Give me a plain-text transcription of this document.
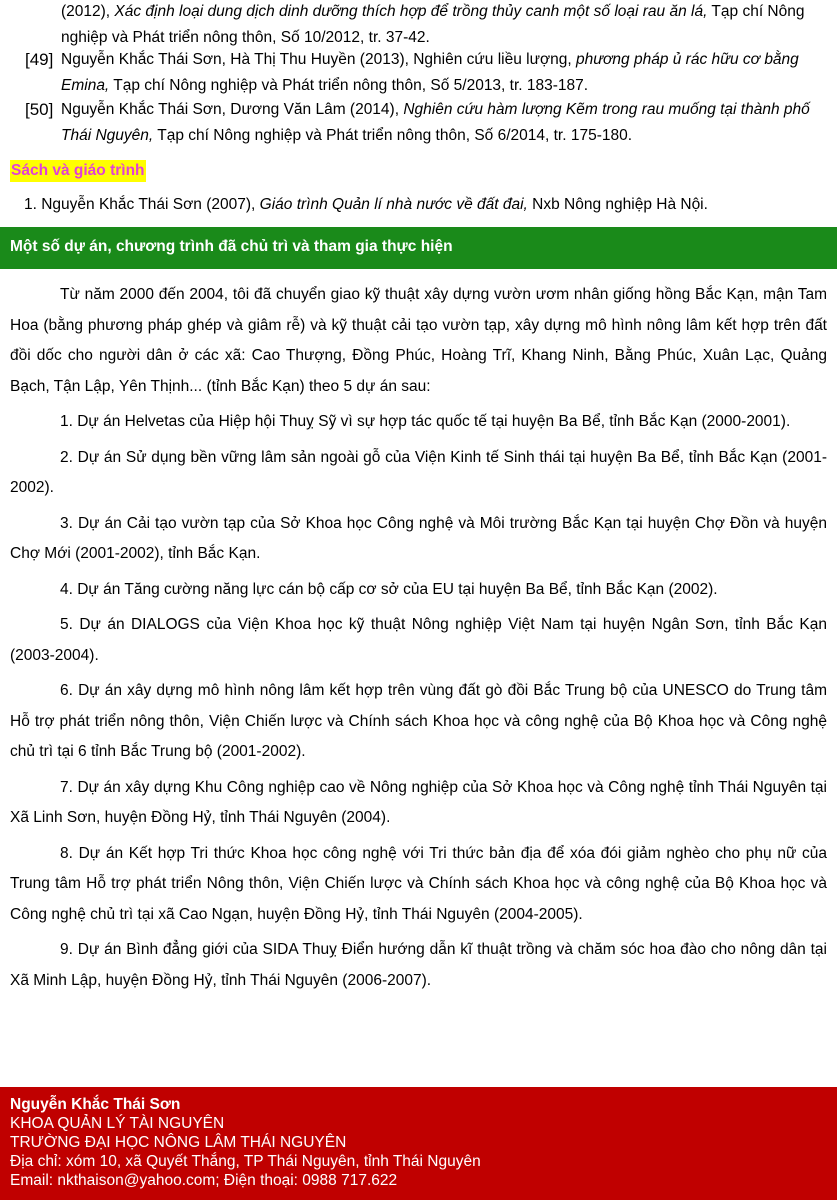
(2012), Xác định loại dung dịch dinh dưỡng thích hợp để trồng thủy canh một số loại rau ăn lá, Tạp chí Nông nghiệp và Phát triển nông thôn, Số 10/2012, tr. 37-42.
[49] Nguyễn Khắc Thái Sơn, Hà Thị Thu Huyền (2013), Nghiên cứu liều lượng, phương pháp ủ rác hữu cơ bằng Emina, Tạp chí Nông nghiệp và Phát triển nông thôn, Số 5/2013, tr. 183-187.
[50] Nguyễn Khắc Thái Sơn, Dương Văn Lâm (2014), Nghiên cứu hàm lượng Kẽm trong rau muống tại thành phố Thái Nguyên, Tạp chí Nông nghiệp và Phát triển nông thôn, Số 6/2014, tr. 175-180.
Sách và giáo trình
1. Nguyễn Khắc Thái Sơn (2007), Giáo trình Quản lí nhà nước về đất đai, Nxb Nông nghiệp Hà Nội.
Một số dự án, chương trình đã chủ trì và tham gia thực hiện

Từ năm 2000 đến 2004, tôi đã chuyển giao kỹ thuật xây dựng vườn ươm nhân giống hồng Bắc Kạn, mận Tam Hoa (bằng phương pháp ghép và giâm rễ) và kỹ thuật cải tạo vườn tạp, xây dựng mô hình nông lâm kết hợp trên đất đồi dốc cho người dân ở các xã: Cao Thượng, Đồng Phúc, Hoàng Trĩ, Khang Ninh, Bằng Phúc, Xuân Lạc, Quảng Bạch, Tận Lập, Yên Thịnh... (tỉnh Bắc Kạn) theo 5 dự án sau:

1. Dự án Helvetas của Hiệp hội Thuỵ Sỹ vì sự hợp tác quốc tế tại huyện Ba Bể, tỉnh Bắc Kạn (2000-2001).

2. Dự án Sử dụng bền vững lâm sản ngoài gỗ của Viện Kinh tế Sinh thái tại huyện Ba Bể, tỉnh Bắc Kạn (2001-2002).

3. Dự án Cải tạo vườn tạp của Sở Khoa học Công nghệ và Môi trường Bắc Kạn tại huyện Chợ Đồn và huyện Chợ Mới (2001-2002), tỉnh Bắc Kạn.

4. Dự án Tăng cường năng lực cán bộ cấp cơ sở của EU tại huyện Ba Bể, tỉnh Bắc Kạn (2002).

5. Dự án DIALOGS của Viện Khoa học kỹ thuật Nông nghiệp Việt Nam tại huyện Ngân Sơn, tỉnh Bắc Kạn (2003-2004).

6. Dự án xây dựng mô hình nông lâm kết hợp trên vùng đất gò đồi Bắc Trung bộ của UNESCO do Trung tâm Hỗ trợ phát triển nông thôn, Viện Chiến lược và Chính sách Khoa học và công nghệ của Bộ Khoa học và Công nghệ chủ trì tại 6 tỉnh Bắc Trung bộ (2001-2002).

7. Dự án xây dựng Khu Công nghiệp cao về Nông nghiệp của Sở Khoa học và Công nghệ tỉnh Thái Nguyên tại Xã Linh Sơn, huyện Đồng Hỷ, tỉnh Thái Nguyên (2004).

8. Dự án Kết hợp Tri thức Khoa học công nghệ với Tri thức bản địa để xóa đói giảm nghèo cho phụ nữ của Trung tâm Hỗ trợ phát triển Nông thôn, Viện Chiến lược và Chính sách Khoa học và công nghệ của Bộ Khoa học và Công nghệ chủ trì tại xã Cao Ngạn, huyện Đồng Hỷ, tỉnh Thái Nguyên (2004-2005).

9. Dự án Bình đẳng giới của SIDA Thuỵ Điển hướng dẫn kĩ thuật trồng và chăm sóc hoa đào cho nông dân tại Xã Minh Lập, huyện Đồng Hỷ, tỉnh Thái Nguyên (2006-2007).

Nguyễn Khắc Thái Sơn
KHOA QUẢN LÝ TÀI NGUYÊN
TRƯỜNG ĐẠI HỌC NÔNG LÂM THÁI NGUYÊN
Địa chỉ: xóm 10, xã Quyết Thắng, TP Thái Nguyên, tỉnh Thái Nguyên
Email: nkthaison@yahoo.com; Điện thoại: 0988 717.622
